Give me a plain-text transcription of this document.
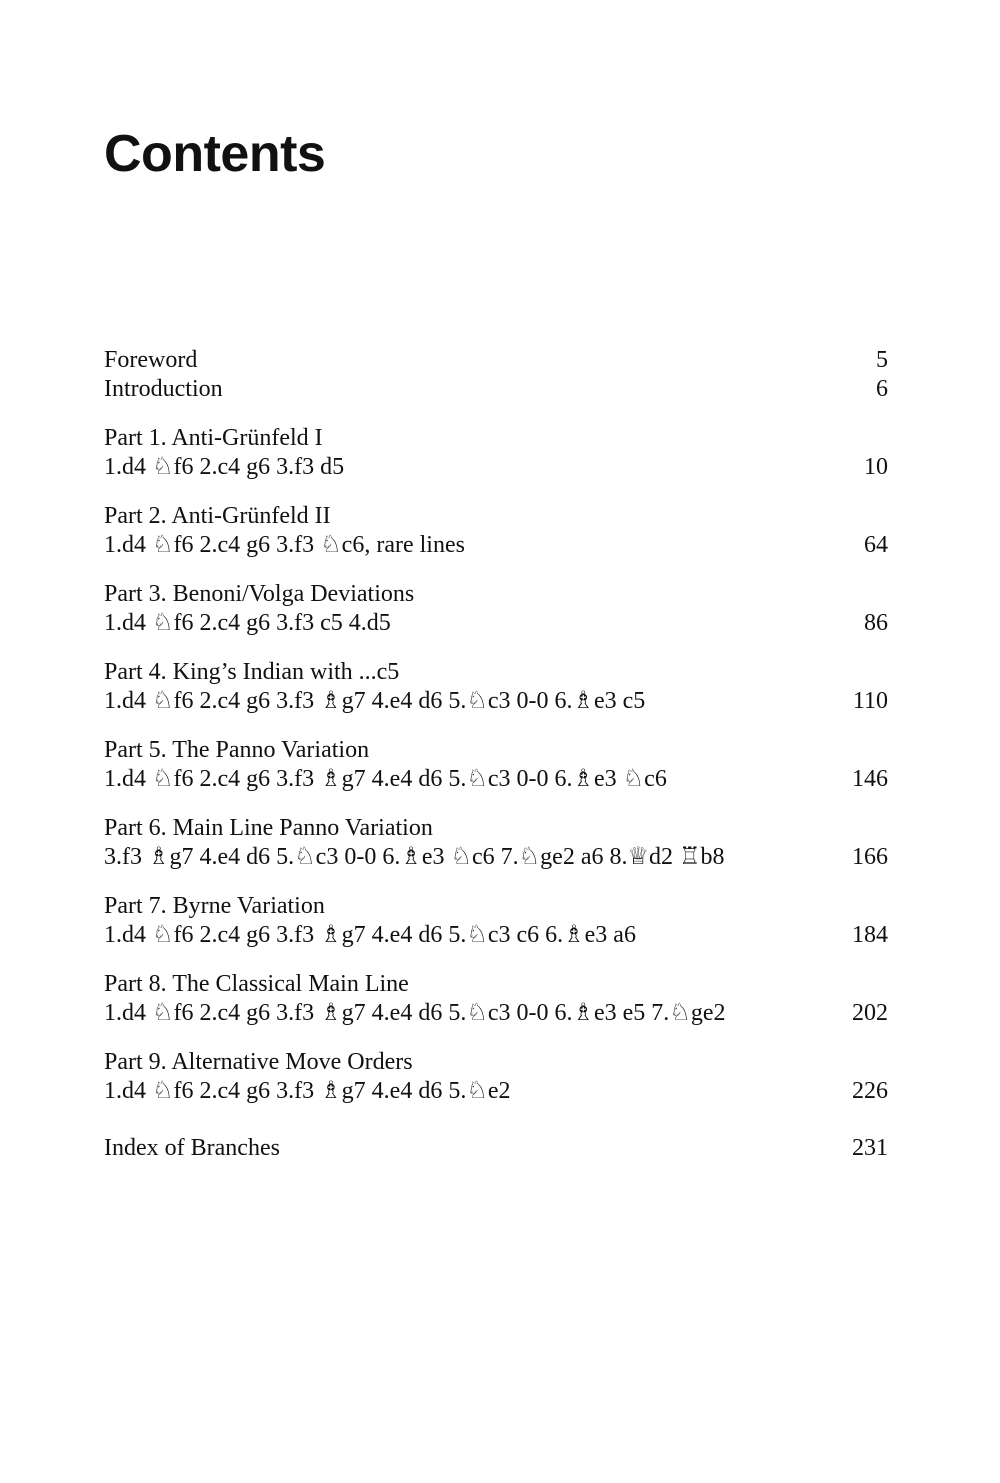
Contents
Foreword	5
Introduction	6
Part 1. Anti-Grünfeld I
1.d4 ♘f6 2.c4 g6 3.f3 d5	10
Part 2. Anti-Grünfeld II
1.d4 ♘f6 2.c4 g6 3.f3 ♘c6, rare lines	64
Part 3. Benoni/Volga Deviations
1.d4 ♘f6 2.c4 g6 3.f3 c5 4.d5	86
Part 4. King’s Indian with ...c5
1.d4 ♘f6 2.c4 g6 3.f3 ♗g7 4.e4 d6 5.♘c3 0-0 6.♗e3 c5	110
Part 5. The Panno Variation
1.d4 ♘f6 2.c4 g6 3.f3 ♗g7 4.e4 d6 5.♘c3 0-0 6.♗e3 ♘c6	146
Part 6. Main Line Panno Variation
3.f3 ♗g7 4.e4 d6 5.♘c3 0-0 6.♗e3 ♘c6 7.♘ge2 a6 8.♕d2 ♖b8	166
Part 7. Byrne Variation
1.d4 ♘f6 2.c4 g6 3.f3 ♗g7 4.e4 d6 5.♘c3 c6 6.♗e3 a6	184
Part 8. The Classical Main Line
1.d4 ♘f6 2.c4 g6 3.f3 ♗g7 4.e4 d6 5.♘c3 0-0 6.♗e3 e5 7.♘ge2	202
Part 9. Alternative Move Orders
1.d4 ♘f6 2.c4 g6 3.f3 ♗g7 4.e4 d6 5.♘e2	226
Index of Branches	231
